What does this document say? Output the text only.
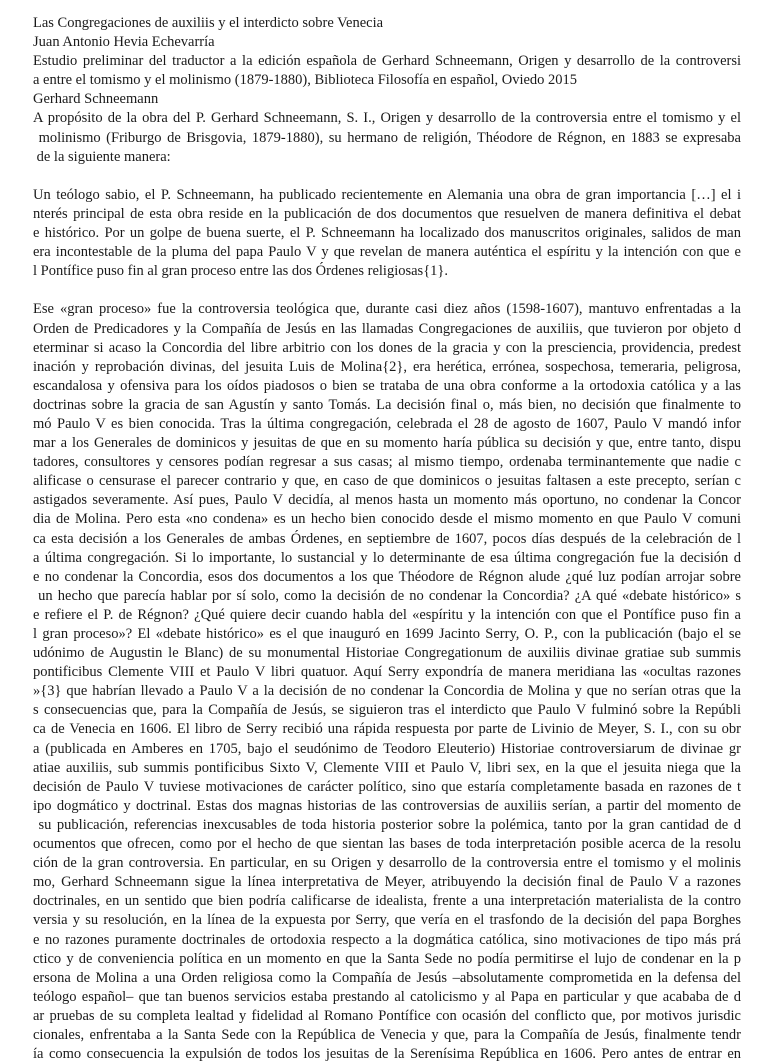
Las Congregaciones de auxiliis y el interdicto sobre Venecia
Juan Antonio Hevia Echevarría
Estudio preliminar del traductor a la edición española de Gerhard Schneemann, Origen y desarrollo de la controversi
a entre el tomismo y el molinismo (1879-1880), Biblioteca Filosofía en español, Oviedo 2015
Gerhard Schneemann
A propósito de la obra del P. Gerhard Schneemann, S. I., Origen y desarrollo de la controversia entre el tomismo y el
molinismo (Friburgo de Brisgovia, 1879-1880), su hermano de religión, Théodore de Régnon, en 1883 se expresaba
de la siguiente manera:
Un teólogo sabio, el P. Schneemann, ha publicado recientemente en Alemania una obra de gran importancia […] el i
nterés principal de esta obra reside en la publicación de dos documentos que resuelven de manera definitiva el debat
e histórico. Por un golpe de buena suerte, el P. Schneemann ha localizado dos manuscritos originales, salidos de man
era incontestable de la pluma del papa Paulo V y que revelan de manera auténtica el espíritu y la intención con que e
l Pontífice puso fin al gran proceso entre las dos Órdenes religiosas{1}.
Ese «gran proceso» fue la controversia teológica que, durante casi diez años (1598-1607), mantuvo enfrentadas a la
Orden de Predicadores y la Compañía de Jesús en las llamadas Congregaciones de auxiliis, que tuvieron por objeto d
eterminar si acaso la Concordia del libre arbitrio con los dones de la gracia y con la presciencia, providencia, predest
inación y reprobación divinas, del jesuita Luis de Molina{2}, era herética, errónea, sospechosa, temeraria, peligrosa,
escandalosa y ofensiva para los oídos piadosos o bien se trataba de una obra conforme a la ortodoxia católica y a las
doctrinas sobre la gracia de san Agustín y santo Tomás. La decisión final o, más bien, no decisión que finalmente to
mó Paulo V es bien conocida. Tras la última congregación, celebrada el 28 de agosto de 1607, Paulo V mandó infor
mar a los Generales de dominicos y jesuitas de que en su momento haría pública su decisión y que, entre tanto, dispu
tadores, consultores y censores podían regresar a sus casas; al mismo tiempo, ordenaba terminantemente que nadie c
alificase o censurase el parecer contrario y que, en caso de que dominicos o jesuitas faltasen a este precepto, serían c
astigados severamente. Así pues, Paulo V decidía, al menos hasta un momento más oportuno, no condenar la Concor
dia de Molina. Pero esta «no condena» es un hecho bien conocido desde el mismo momento en que Paulo V comuni
ca esta decisión a los Generales de ambas Órdenes, en septiembre de 1607, pocos días después de la celebración de l
a última congregación. Si lo importante, lo sustancial y lo determinante de esa última congregación fue la decisión d
e no condenar la Concordia, esos dos documentos a los que Théodore de Régnon alude ¿qué luz podían arrojar sobre
un hecho que parecía hablar por sí solo, como la decisión de no condenar la Concordia? ¿A qué «debate histórico» s
e refiere el P. de Régnon? ¿Qué quiere decir cuando habla del «espíritu y la intención con que el Pontífice puso fin a
l gran proceso»? El «debate histórico» es el que inauguró en 1699 Jacinto Serry, O. P., con la publicación (bajo el se
udónimo de Augustin le Blanc) de su monumental Historiae Congregationum de auxiliis divinae gratiae sub summis
pontificibus Clemente VIII et Paulo V libri quatuor. Aquí Serry expondría de manera meridiana las «ocultas razones
»{3} que habrían llevado a Paulo V a la decisión de no condenar la Concordia de Molina y que no serían otras que la
s consecuencias que, para la Compañía de Jesús, se siguieron tras el interdicto que Paulo V fulminó sobre la Repúbli
ca de Venecia en 1606. El libro de Serry recibió una rápida respuesta por parte de Livinio de Meyer, S. I., con su obr
a (publicada en Amberes en 1705, bajo el seudónimo de Teodoro Eleuterio) Historiae controversiarum de divinae gr
atiae auxiliis, sub summis pontificibus Sixto V, Clemente VIII et Paulo V, libri sex, en la que el jesuita niega que la
decisión de Paulo V tuviese motivaciones de carácter político, sino que estaría completamente basada en razones de t
ipo dogmático y doctrinal. Estas dos magnas historias de las controversias de auxiliis serían, a partir del momento de
su publicación, referencias inexcusables de toda historia posterior sobre la polémica, tanto por la gran cantidad de d
ocumentos que ofrecen, como por el hecho de que sientan las bases de toda interpretación posible acerca de la resolu
ción de la gran controversia. En particular, en su Origen y desarrollo de la controversia entre el tomismo y el molinis
mo, Gerhard Schneemann sigue la línea interpretativa de Meyer, atribuyendo la decisión final de Paulo V a razones
doctrinales, en un sentido que bien podría calificarse de idealista, frente a una interpretación materialista de la contro
versia y su resolución, en la línea de la expuesta por Serry, que vería en el trasfondo de la decisión del papa Borghes
e no razones puramente doctrinales de ortodoxia respecto a la dogmática católica, sino motivaciones de tipo más prá
ctico y de conveniencia política en un momento en que la Santa Sede no podía permitirse el lujo de condenar en la p
ersona de Molina a una Orden religiosa como la Compañía de Jesús –absolutamente comprometida en la defensa del
teólogo español– que tan buenos servicios estaba prestando al catolicismo y al Papa en particular y que acababa de d
ar pruebas de su completa lealtad y fidelidad al Romano Pontífice con ocasión del conflicto que, por motivos jurisdic
cionales, enfrentaba a la Santa Sede con la República de Venecia y que, para la Compañía de Jesús, finalmente tendr
ía como consecuencia la expulsión de todos los jesuitas de la Serenísima República en 1606. Pero antes de entrar en
